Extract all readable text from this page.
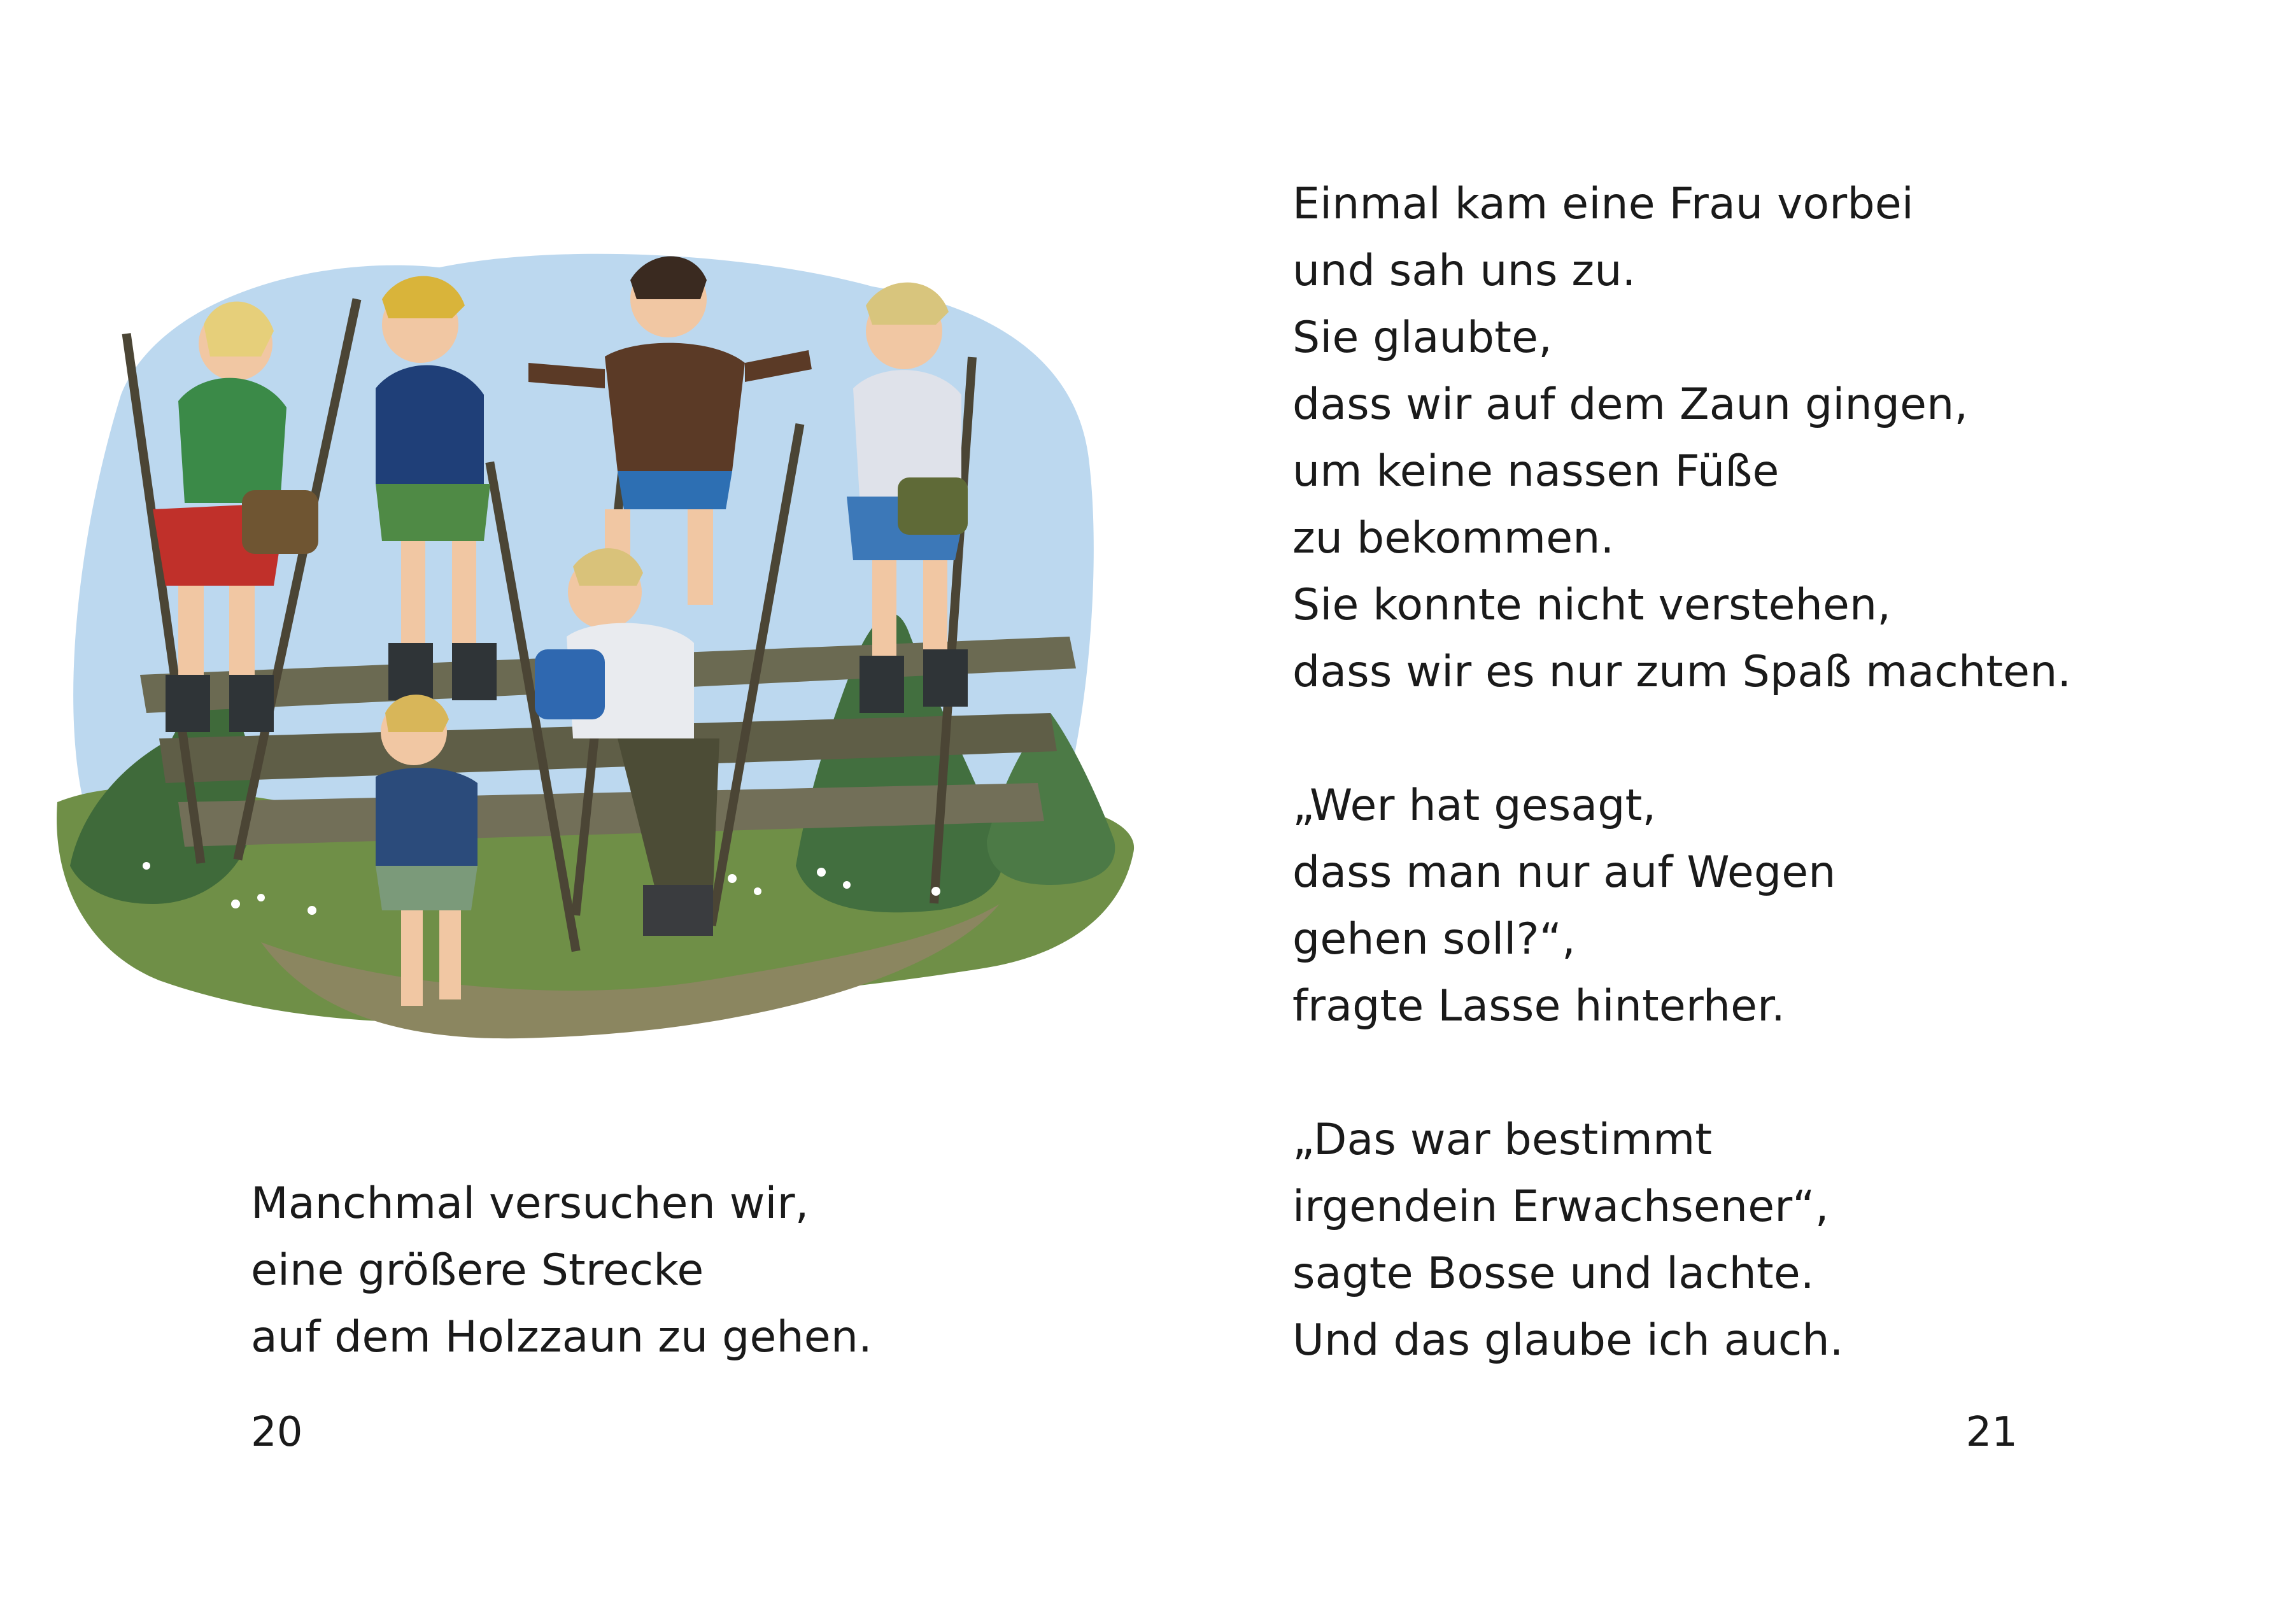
Manchmal versuchen wir,

eine größere Strecke

auf dem Holzzaun zu gehen.

20

Einmal kam eine Frau vorbei

und sah uns zu.

Sie glaubte,

dass wir auf dem Zaun gingen,

um keine nassen Füße

zu bekommen.

Sie konnte nicht verstehen,

dass wir es nur zum Spaß machten.

„Wer hat gesagt,

dass man nur auf Wegen

gehen soll?“,

fragte Lasse hinterher.

„Das war bestimmt

irgendein Erwachsener“,

sagte Bosse und lachte.

Und das glaube ich auch.

21
